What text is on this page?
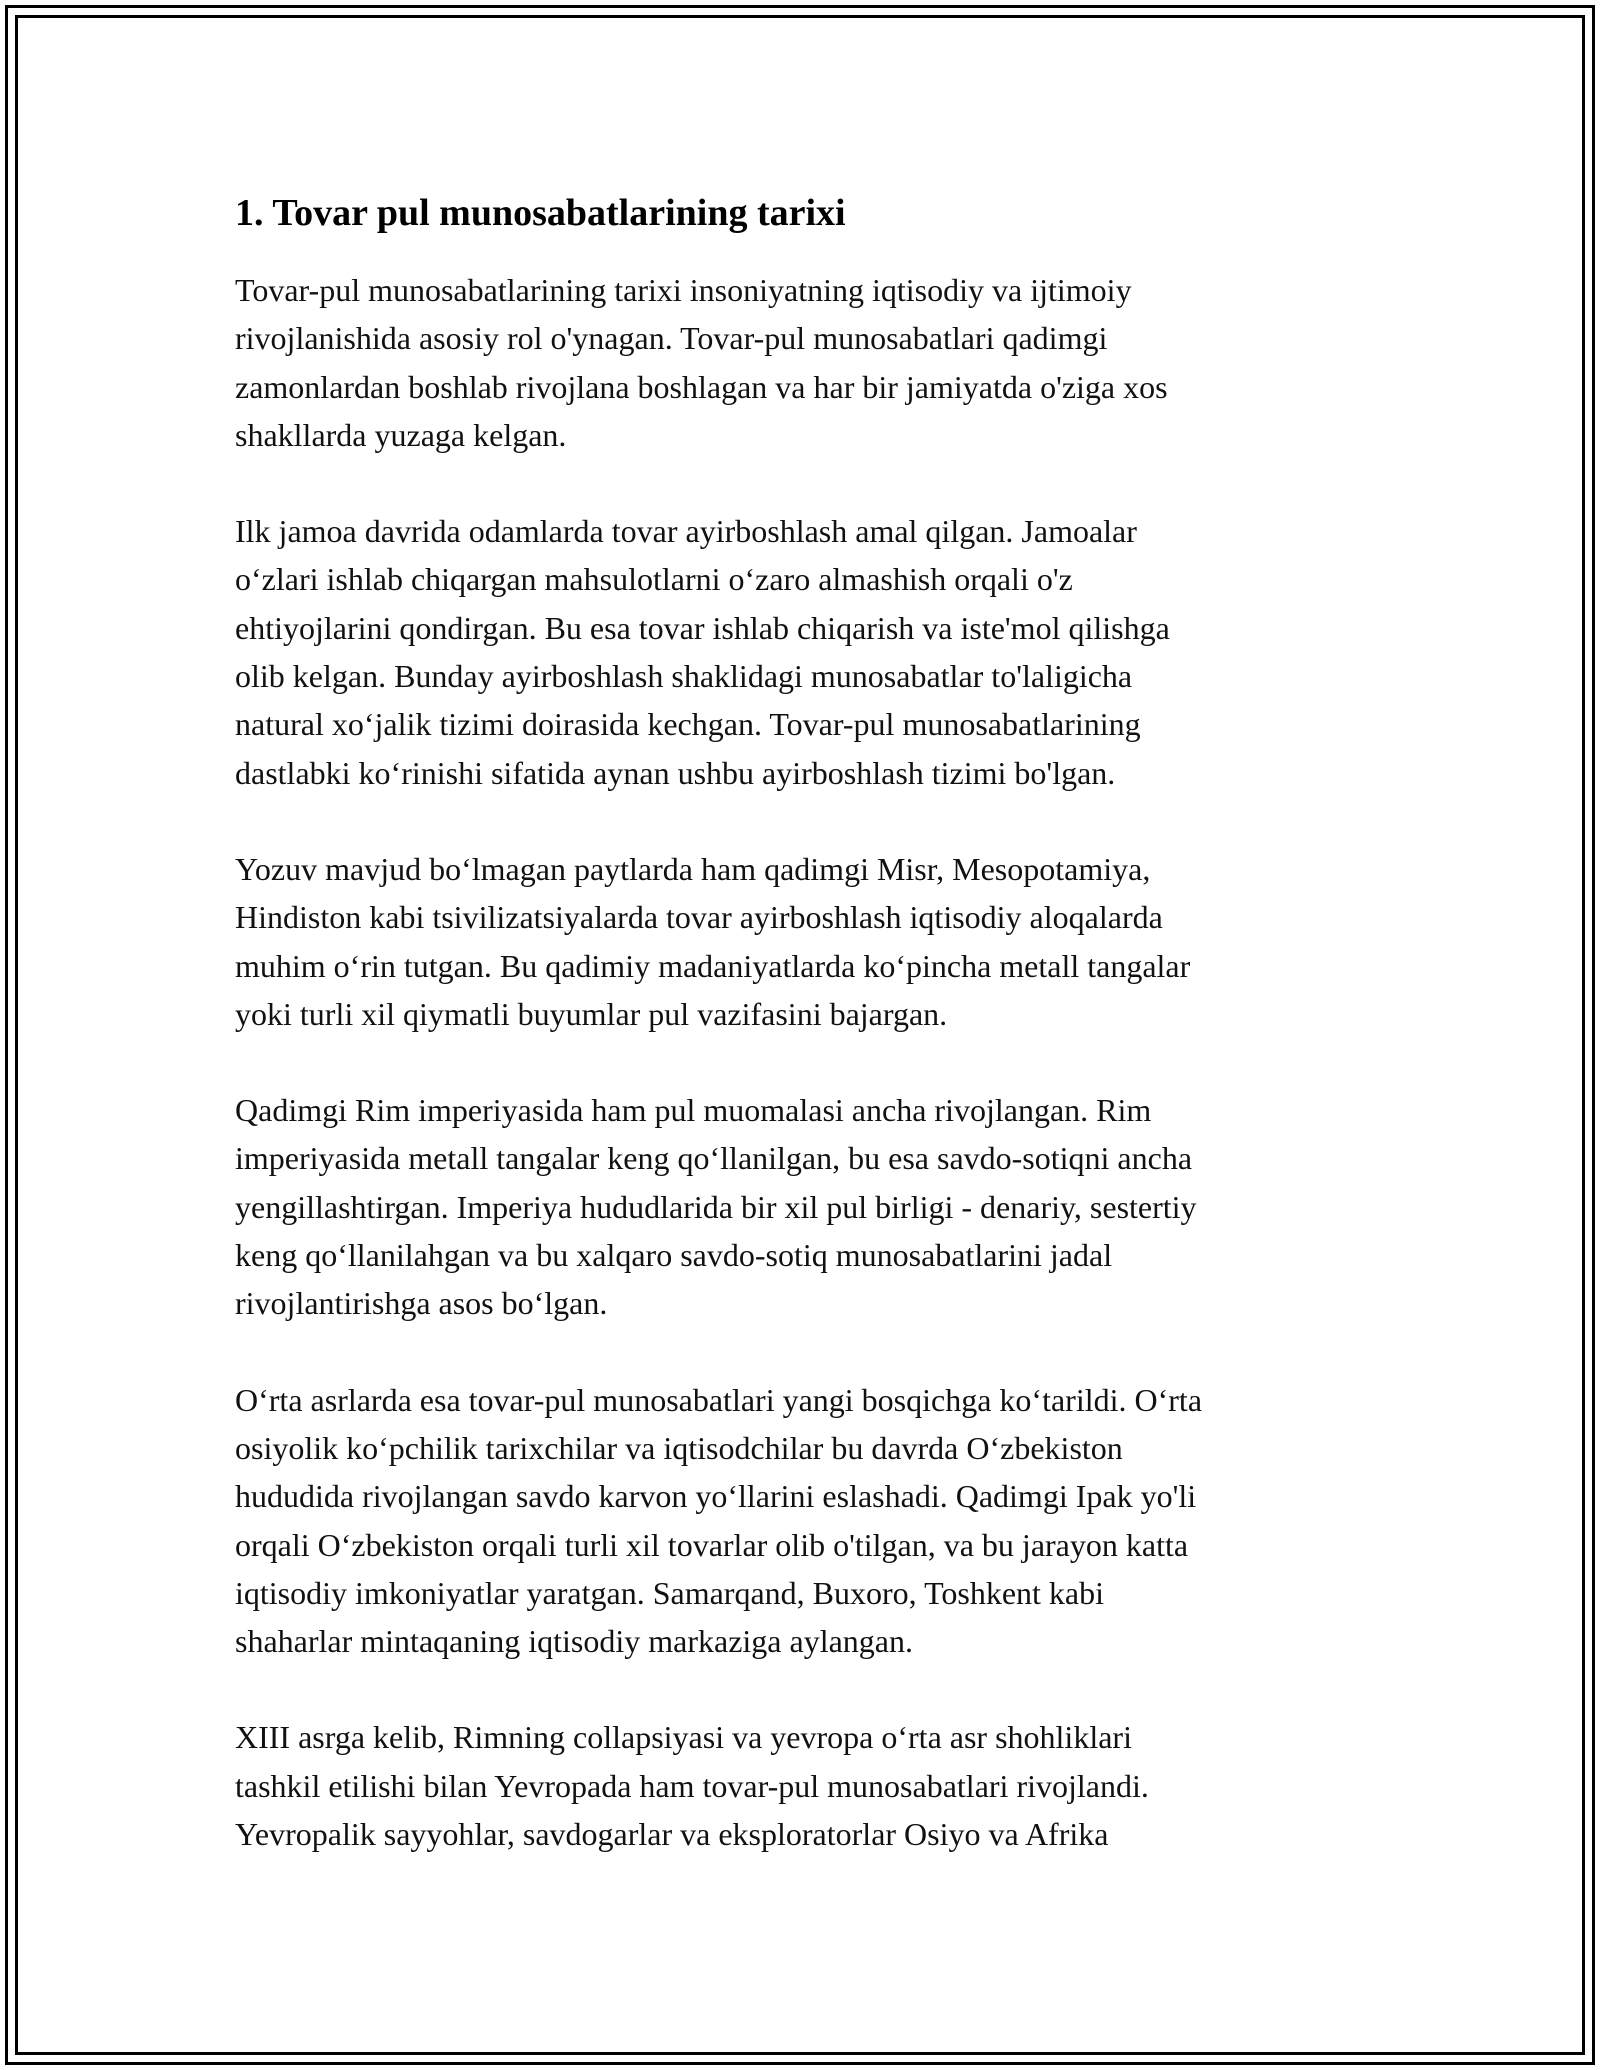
1. Tovar pul munosabatlarining tarixi

Tovar-pul munosabatlarining tarixi insoniyatning iqtisodiy va ijtimoiy
rivojlanishida asosiy rol o'ynagan. Tovar-pul munosabatlari qadimgi
zamonlardan boshlab rivojlana boshlagan va har bir jamiyatda o'ziga xos
shakllarda yuzaga kelgan.

Ilk jamoa davrida odamlarda tovar ayirboshlash amal qilgan. Jamoalar
o‘zlari ishlab chiqargan mahsulotlarni o‘zaro almashish orqali o'z
ehtiyojlarini qondirgan. Bu esa tovar ishlab chiqarish va iste'mol qilishga
olib kelgan. Bunday ayirboshlash shaklidagi munosabatlar to'laligicha
natural xo‘jalik tizimi doirasida kechgan. Tovar-pul munosabatlarining
dastlabki ko‘rinishi sifatida aynan ushbu ayirboshlash tizimi bo'lgan.

Yozuv mavjud bo‘lmagan paytlarda ham qadimgi Misr, Mesopotamiya,
Hindiston kabi tsivilizatsiyalarda tovar ayirboshlash iqtisodiy aloqalarda
muhim o‘rin tutgan. Bu qadimiy madaniyatlarda ko‘pincha metall tangalar
yoki turli xil qiymatli buyumlar pul vazifasini bajargan.

Qadimgi Rim imperiyasida ham pul muomalasi ancha rivojlangan. Rim
imperiyasida metall tangalar keng qo‘llanilgan, bu esa savdo-sotiqni ancha
yengillashtirgan. Imperiya hududlarida bir xil pul birligi - denariy, sestertiy
keng qo‘llanilahgan va bu xalqaro savdo-sotiq munosabatlarini jadal
rivojlantirishga asos bo‘lgan.

O‘rta asrlarda esa tovar-pul munosabatlari yangi bosqichga ko‘tarildi. O‘rta
osiyolik ko‘pchilik tarixchilar va iqtisodchilar bu davrda O‘zbekiston
hududida rivojlangan savdo karvon yo‘llarini eslashadi. Qadimgi Ipak yo'li
orqali O‘zbekiston orqali turli xil tovarlar olib o'tilgan, va bu jarayon katta
iqtisodiy imkoniyatlar yaratgan. Samarqand, Buxoro, Toshkent kabi
shaharlar mintaqaning iqtisodiy markaziga aylangan.

XIII asrga kelib, Rimning collapsiyasi va yevropa o‘rta asr shohliklari
tashkil etilishi bilan Yevropada ham tovar-pul munosabatlari rivojlandi.
Yevropalik sayyohlar, savdogarlar va eksploratorlar Osiyo va Afrika
